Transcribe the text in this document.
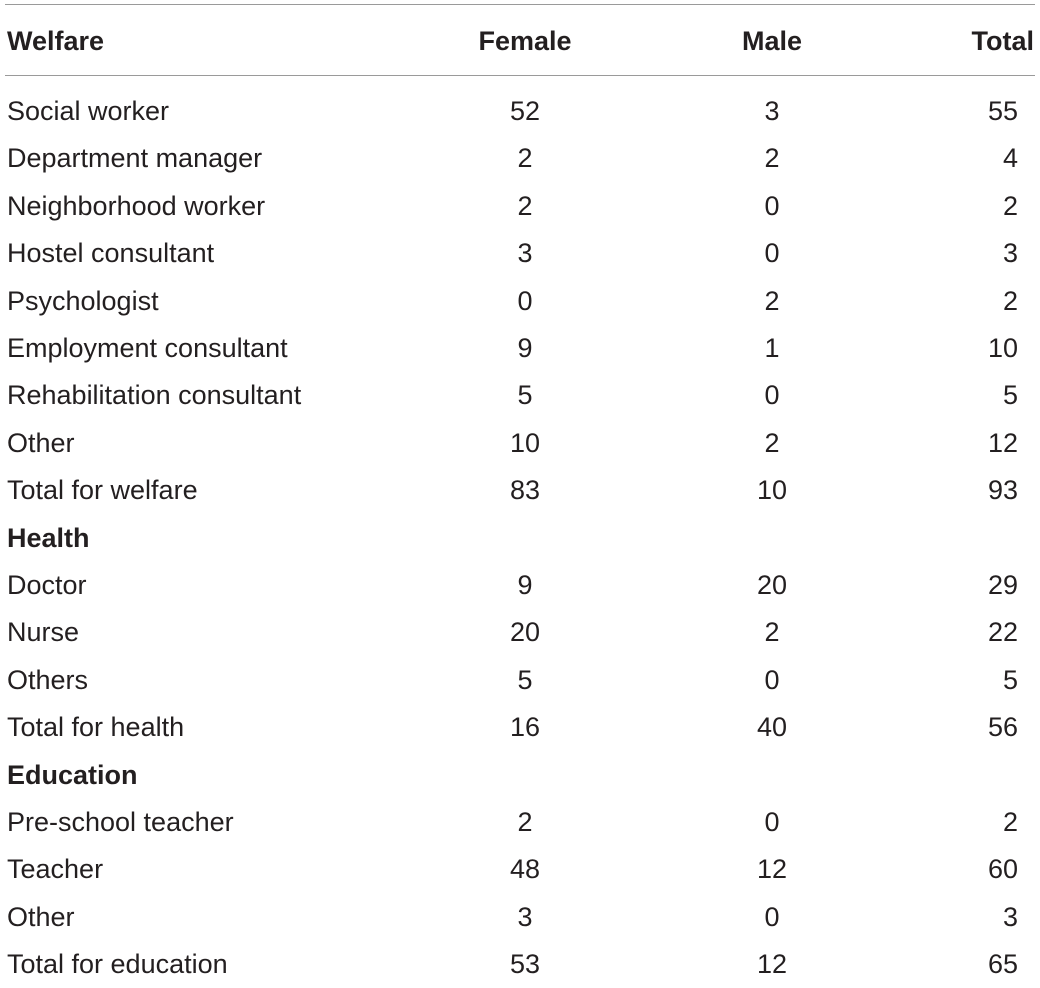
Welfare	Female	Male	Total
Social worker	52	3	55
Department manager	2	2	4
Neighborhood worker	2	0	2
Hostel consultant	3	0	3
Psychologist	0	2	2
Employment consultant	9	1	10
Rehabilitation consultant	5	0	5
Other	10	2	12
Total for welfare	83	10	93
Health
Doctor	9	20	29
Nurse	20	2	22
Others	5	0	5
Total for health	16	40	56
Education
Pre-school teacher	2	0	2
Teacher	48	12	60
Other	3	0	3
Total for education	53	12	65
